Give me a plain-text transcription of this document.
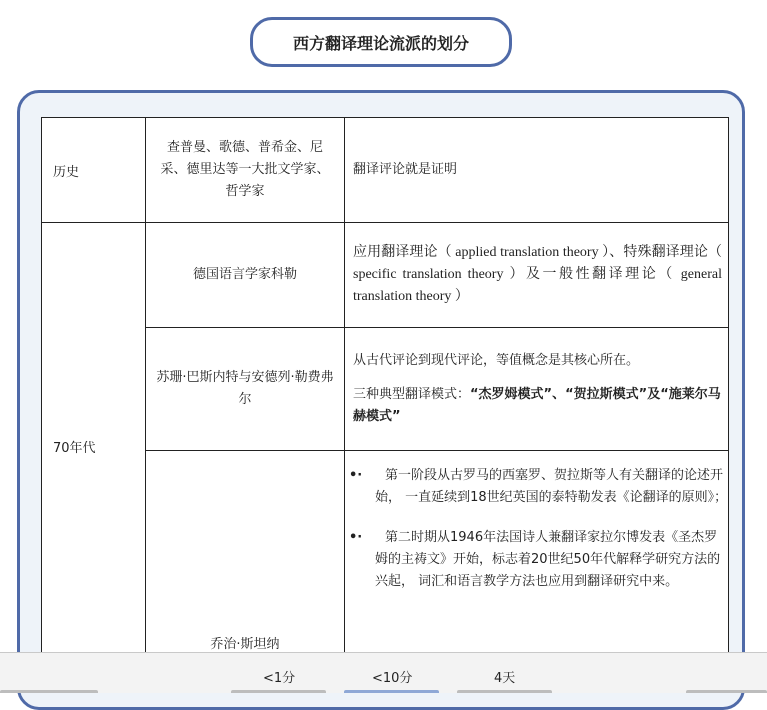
西方翻译理论流派的划分
历史	查普曼、歌德、普希金、尼采、德里达等一大批文学家、哲学家	翻译评论就是证明

70年代	德国语言学家科勒	应用翻译理论（ applied translation theory ）、特殊翻译理论（ specific translation theory ）及一般性翻译理论（ general translation theory ）

	苏珊·巴斯内特与安德列·勒费弗尔	从古代评论到现代评论，等值概念是其核心所在。
三种典型翻译模式：“杰罗姆模式”、“贺拉斯模式”及“施莱尔马赫模式”

	乔治·斯坦纳	•· 第一阶段从古罗马的西塞罗、贺拉斯等人有关翻译的论述开始， 一直延续到18世纪英国的泰特勒发表《论翻译的原则》；
•· 第二时期从1946年法国诗人兼翻译家拉尔博发表《圣杰罗姆的主祷文》开始，标志着20世纪50年代解释学研究方法的兴起， 词汇和语言教学方法也应用到翻译研究中来。
<1分	<10分	4天
